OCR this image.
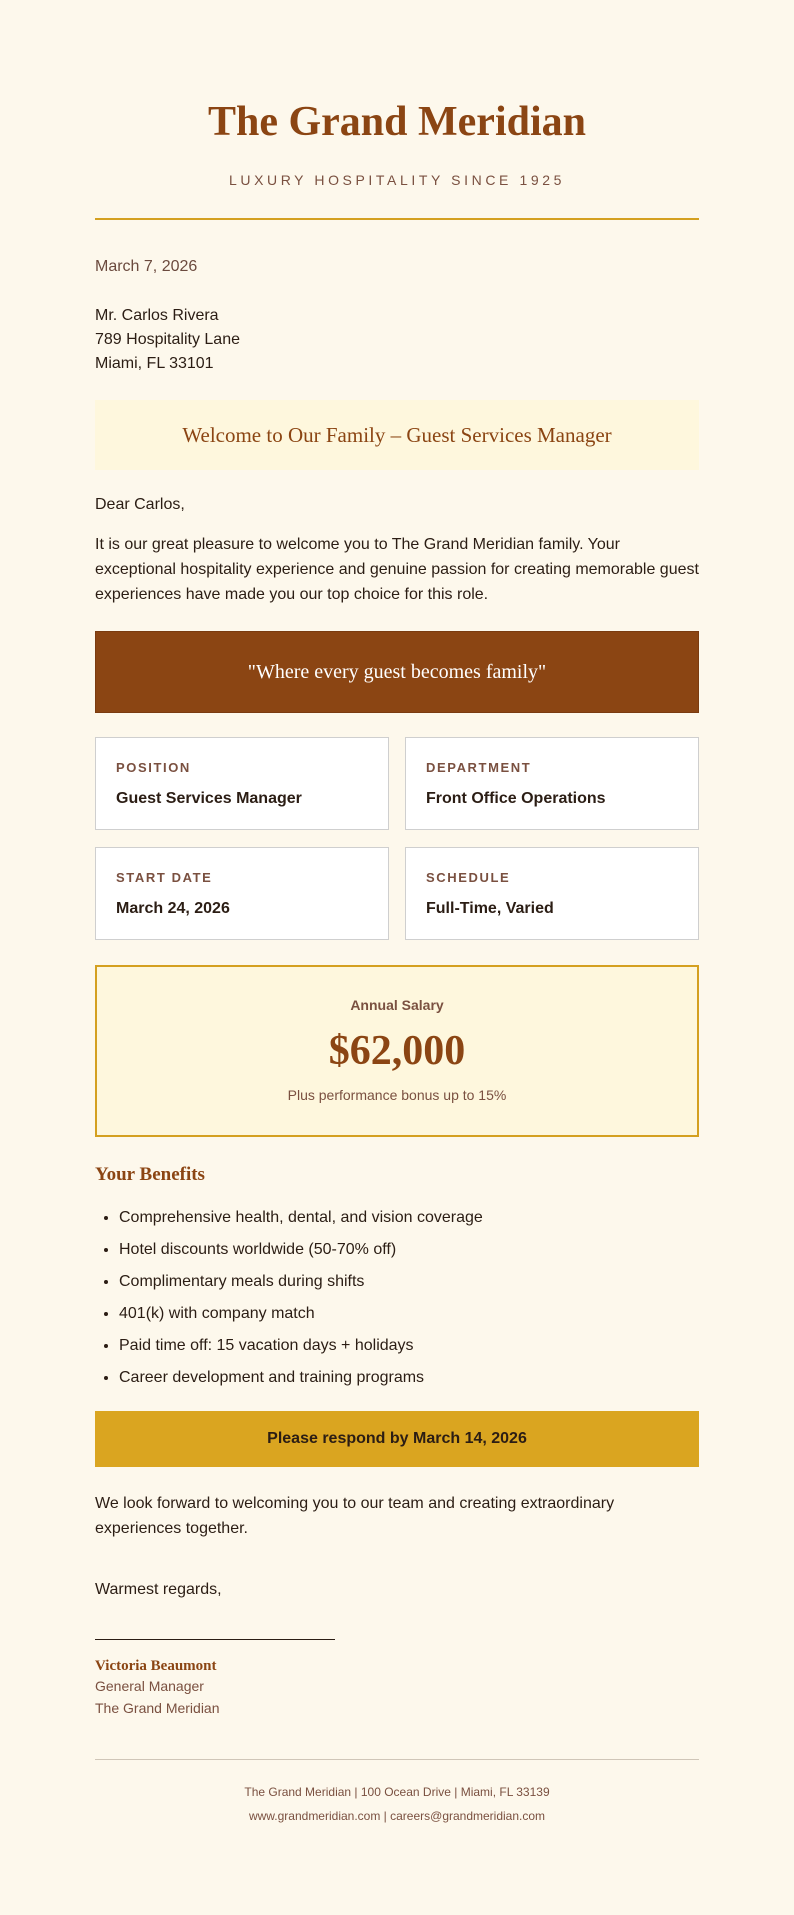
The Grand Meridian
LUXURY HOSPITALITY SINCE 1925
March 7, 2026
Mr. Carlos Rivera
789 Hospitality Lane
Miami, FL 33101
Welcome to Our Family – Guest Services Manager
Dear Carlos,
It is our great pleasure to welcome you to The Grand Meridian family. Your exceptional hospitality experience and genuine passion for creating memorable guest experiences have made you our top choice for this role.
"Where every guest becomes family"
POSITION
Guest Services Manager
DEPARTMENT
Front Office Operations
START DATE
March 24, 2026
SCHEDULE
Full-Time, Varied
Annual Salary
$62,000
Plus performance bonus up to 15%
Your Benefits
• Comprehensive health, dental, and vision coverage
• Hotel discounts worldwide (50-70% off)
• Complimentary meals during shifts
• 401(k) with company match
• Paid time off: 15 vacation days + holidays
• Career development and training programs
Please respond by March 14, 2026
We look forward to welcoming you to our team and creating extraordinary experiences together.
Warmest regards,
Victoria Beaumont
General Manager
The Grand Meridian
The Grand Meridian | 100 Ocean Drive | Miami, FL 33139
www.grandmeridian.com | careers@grandmeridian.com
